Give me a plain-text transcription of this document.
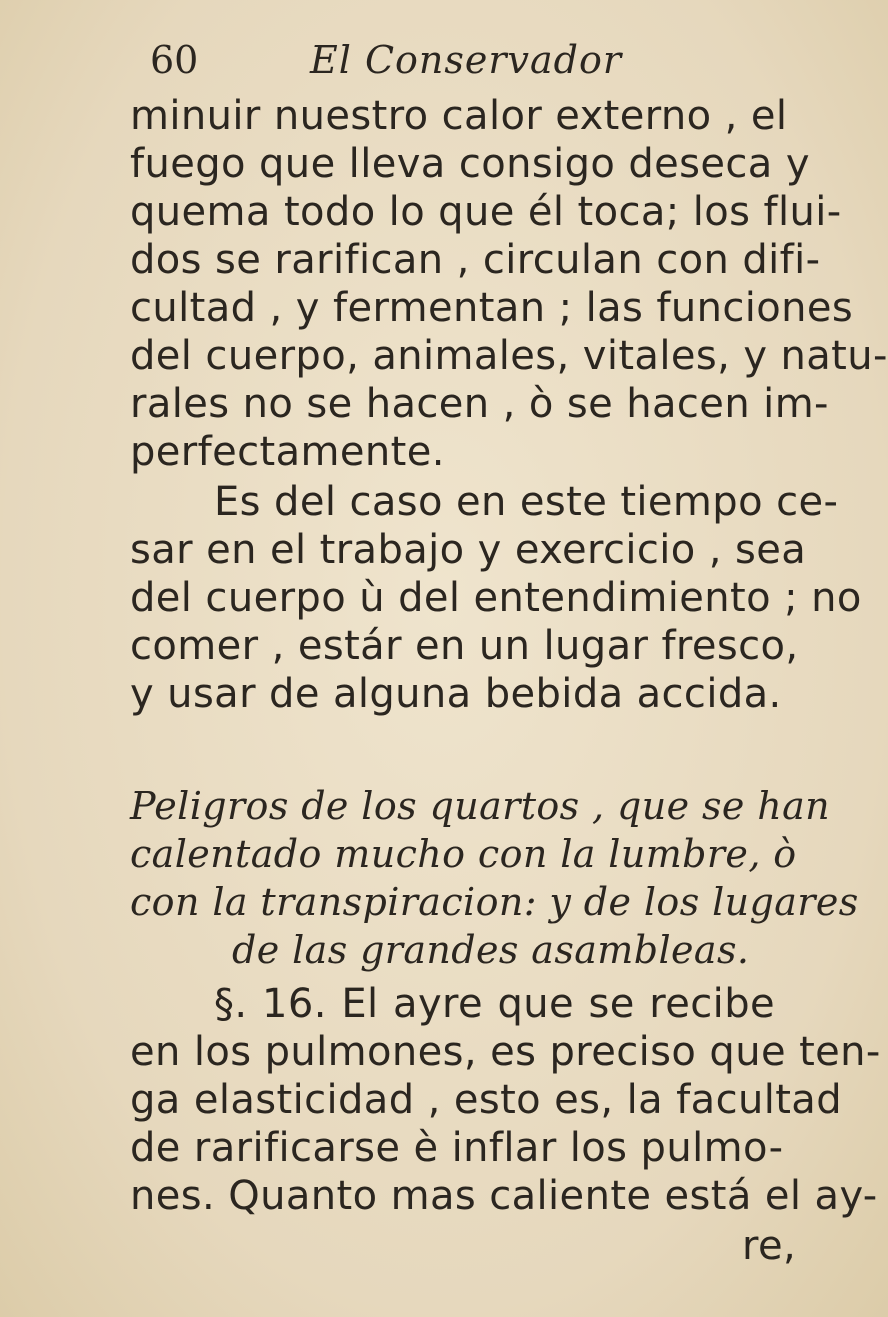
60	El Conservador
minuir nuestro calor externo , el
fuego que lleva consigo deseca y
quema todo lo que él toca; los flui-
dos se rarifican , circulan con difi-
cultad , y fermentan ; las funciones
del cuerpo, animales, vitales, y natu-
rales no se hacen , ò se hacen im-
perfectamente.
Es del caso en este tiempo ce-
sar en el trabajo y exercicio , sea
del cuerpo ù del entendimiento ; no
comer , estár en un lugar fresco,
y usar de alguna bebida accida.
Peligros de los quartos , que se han
calentado mucho con la lumbre, ò
con la transpiracion: y de los lugares
de las grandes asambleas.
§. 16. El ayre que se recibe
en los pulmones, es preciso que ten-
ga elasticidad , esto es, la facultad
de rarificarse è inflar los pulmo-
nes. Quanto mas caliente está el ay-
re,
